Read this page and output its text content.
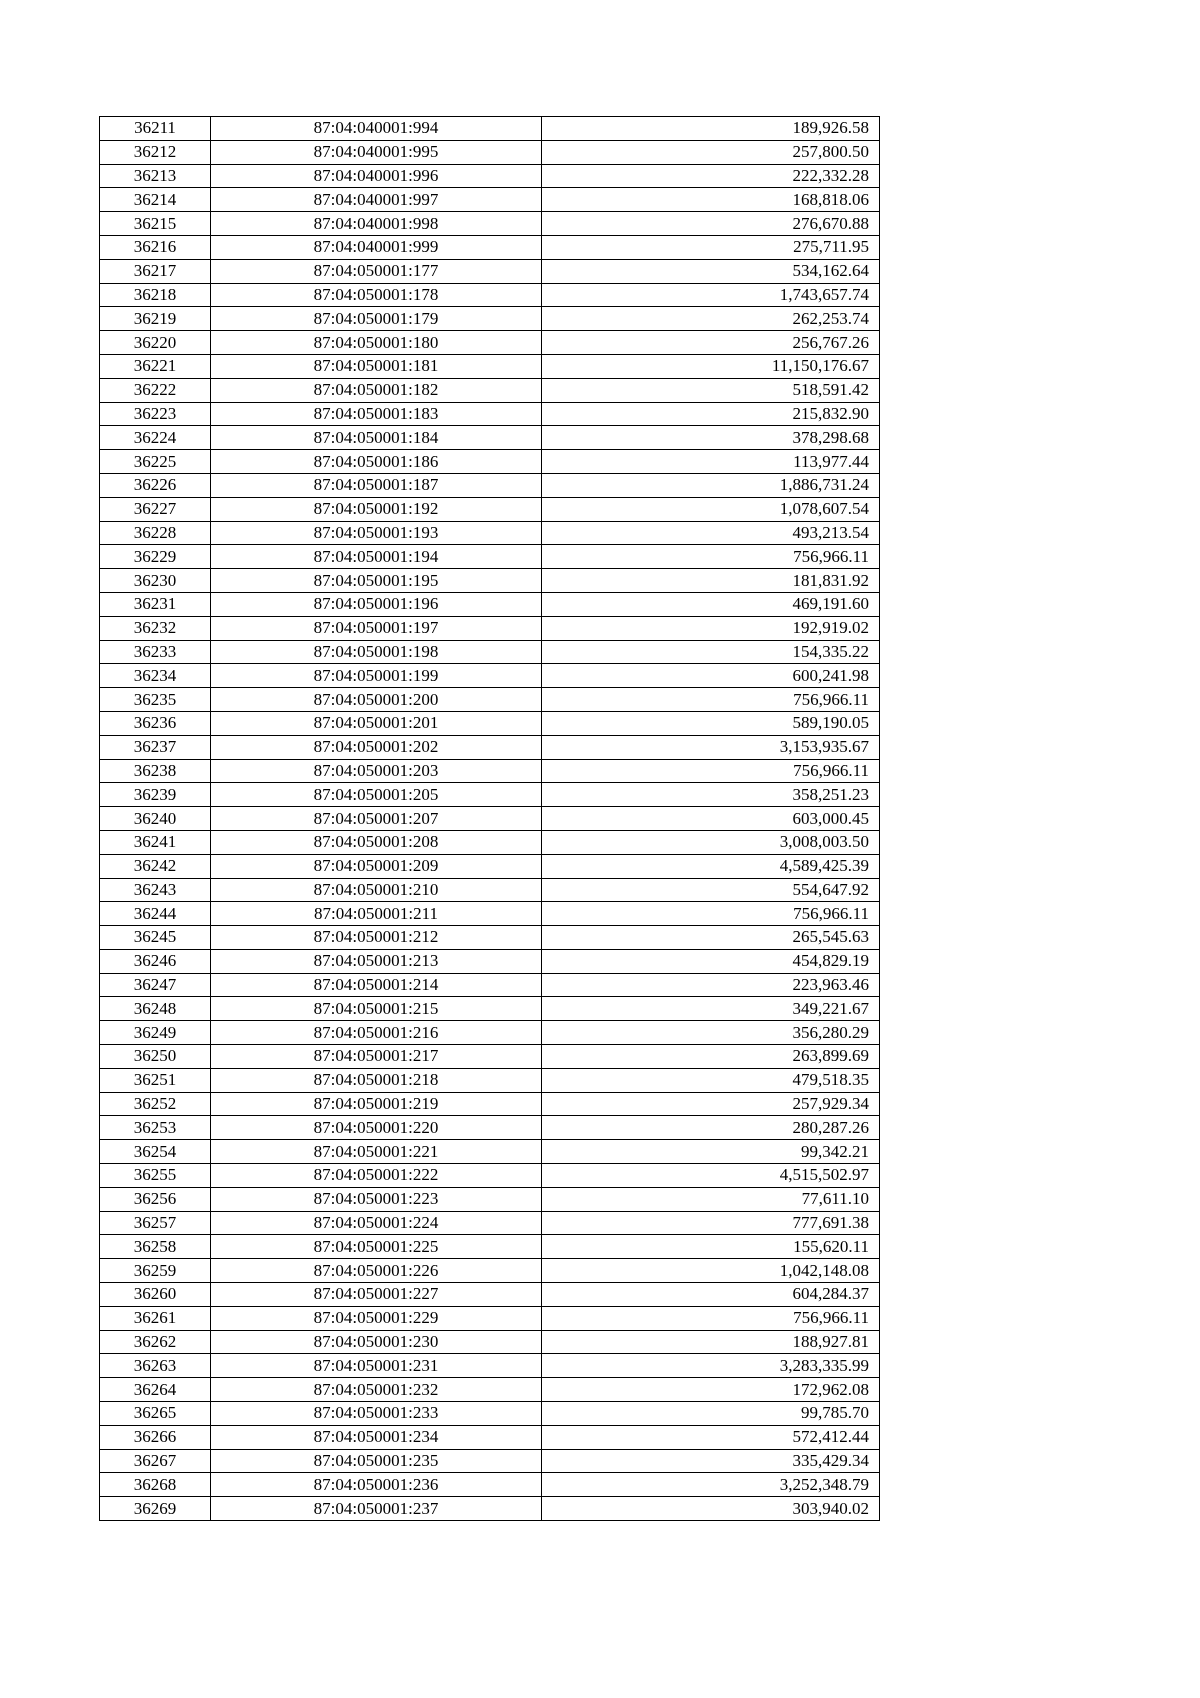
36211	87:04:040001:994	189,926.58
36212	87:04:040001:995	257,800.50
36213	87:04:040001:996	222,332.28
36214	87:04:040001:997	168,818.06
36215	87:04:040001:998	276,670.88
36216	87:04:040001:999	275,711.95
36217	87:04:050001:177	534,162.64
36218	87:04:050001:178	1,743,657.74
36219	87:04:050001:179	262,253.74
36220	87:04:050001:180	256,767.26
36221	87:04:050001:181	11,150,176.67
36222	87:04:050001:182	518,591.42
36223	87:04:050001:183	215,832.90
36224	87:04:050001:184	378,298.68
36225	87:04:050001:186	113,977.44
36226	87:04:050001:187	1,886,731.24
36227	87:04:050001:192	1,078,607.54
36228	87:04:050001:193	493,213.54
36229	87:04:050001:194	756,966.11
36230	87:04:050001:195	181,831.92
36231	87:04:050001:196	469,191.60
36232	87:04:050001:197	192,919.02
36233	87:04:050001:198	154,335.22
36234	87:04:050001:199	600,241.98
36235	87:04:050001:200	756,966.11
36236	87:04:050001:201	589,190.05
36237	87:04:050001:202	3,153,935.67
36238	87:04:050001:203	756,966.11
36239	87:04:050001:205	358,251.23
36240	87:04:050001:207	603,000.45
36241	87:04:050001:208	3,008,003.50
36242	87:04:050001:209	4,589,425.39
36243	87:04:050001:210	554,647.92
36244	87:04:050001:211	756,966.11
36245	87:04:050001:212	265,545.63
36246	87:04:050001:213	454,829.19
36247	87:04:050001:214	223,963.46
36248	87:04:050001:215	349,221.67
36249	87:04:050001:216	356,280.29
36250	87:04:050001:217	263,899.69
36251	87:04:050001:218	479,518.35
36252	87:04:050001:219	257,929.34
36253	87:04:050001:220	280,287.26
36254	87:04:050001:221	99,342.21
36255	87:04:050001:222	4,515,502.97
36256	87:04:050001:223	77,611.10
36257	87:04:050001:224	777,691.38
36258	87:04:050001:225	155,620.11
36259	87:04:050001:226	1,042,148.08
36260	87:04:050001:227	604,284.37
36261	87:04:050001:229	756,966.11
36262	87:04:050001:230	188,927.81
36263	87:04:050001:231	3,283,335.99
36264	87:04:050001:232	172,962.08
36265	87:04:050001:233	99,785.70
36266	87:04:050001:234	572,412.44
36267	87:04:050001:235	335,429.34
36268	87:04:050001:236	3,252,348.79
36269	87:04:050001:237	303,940.02
